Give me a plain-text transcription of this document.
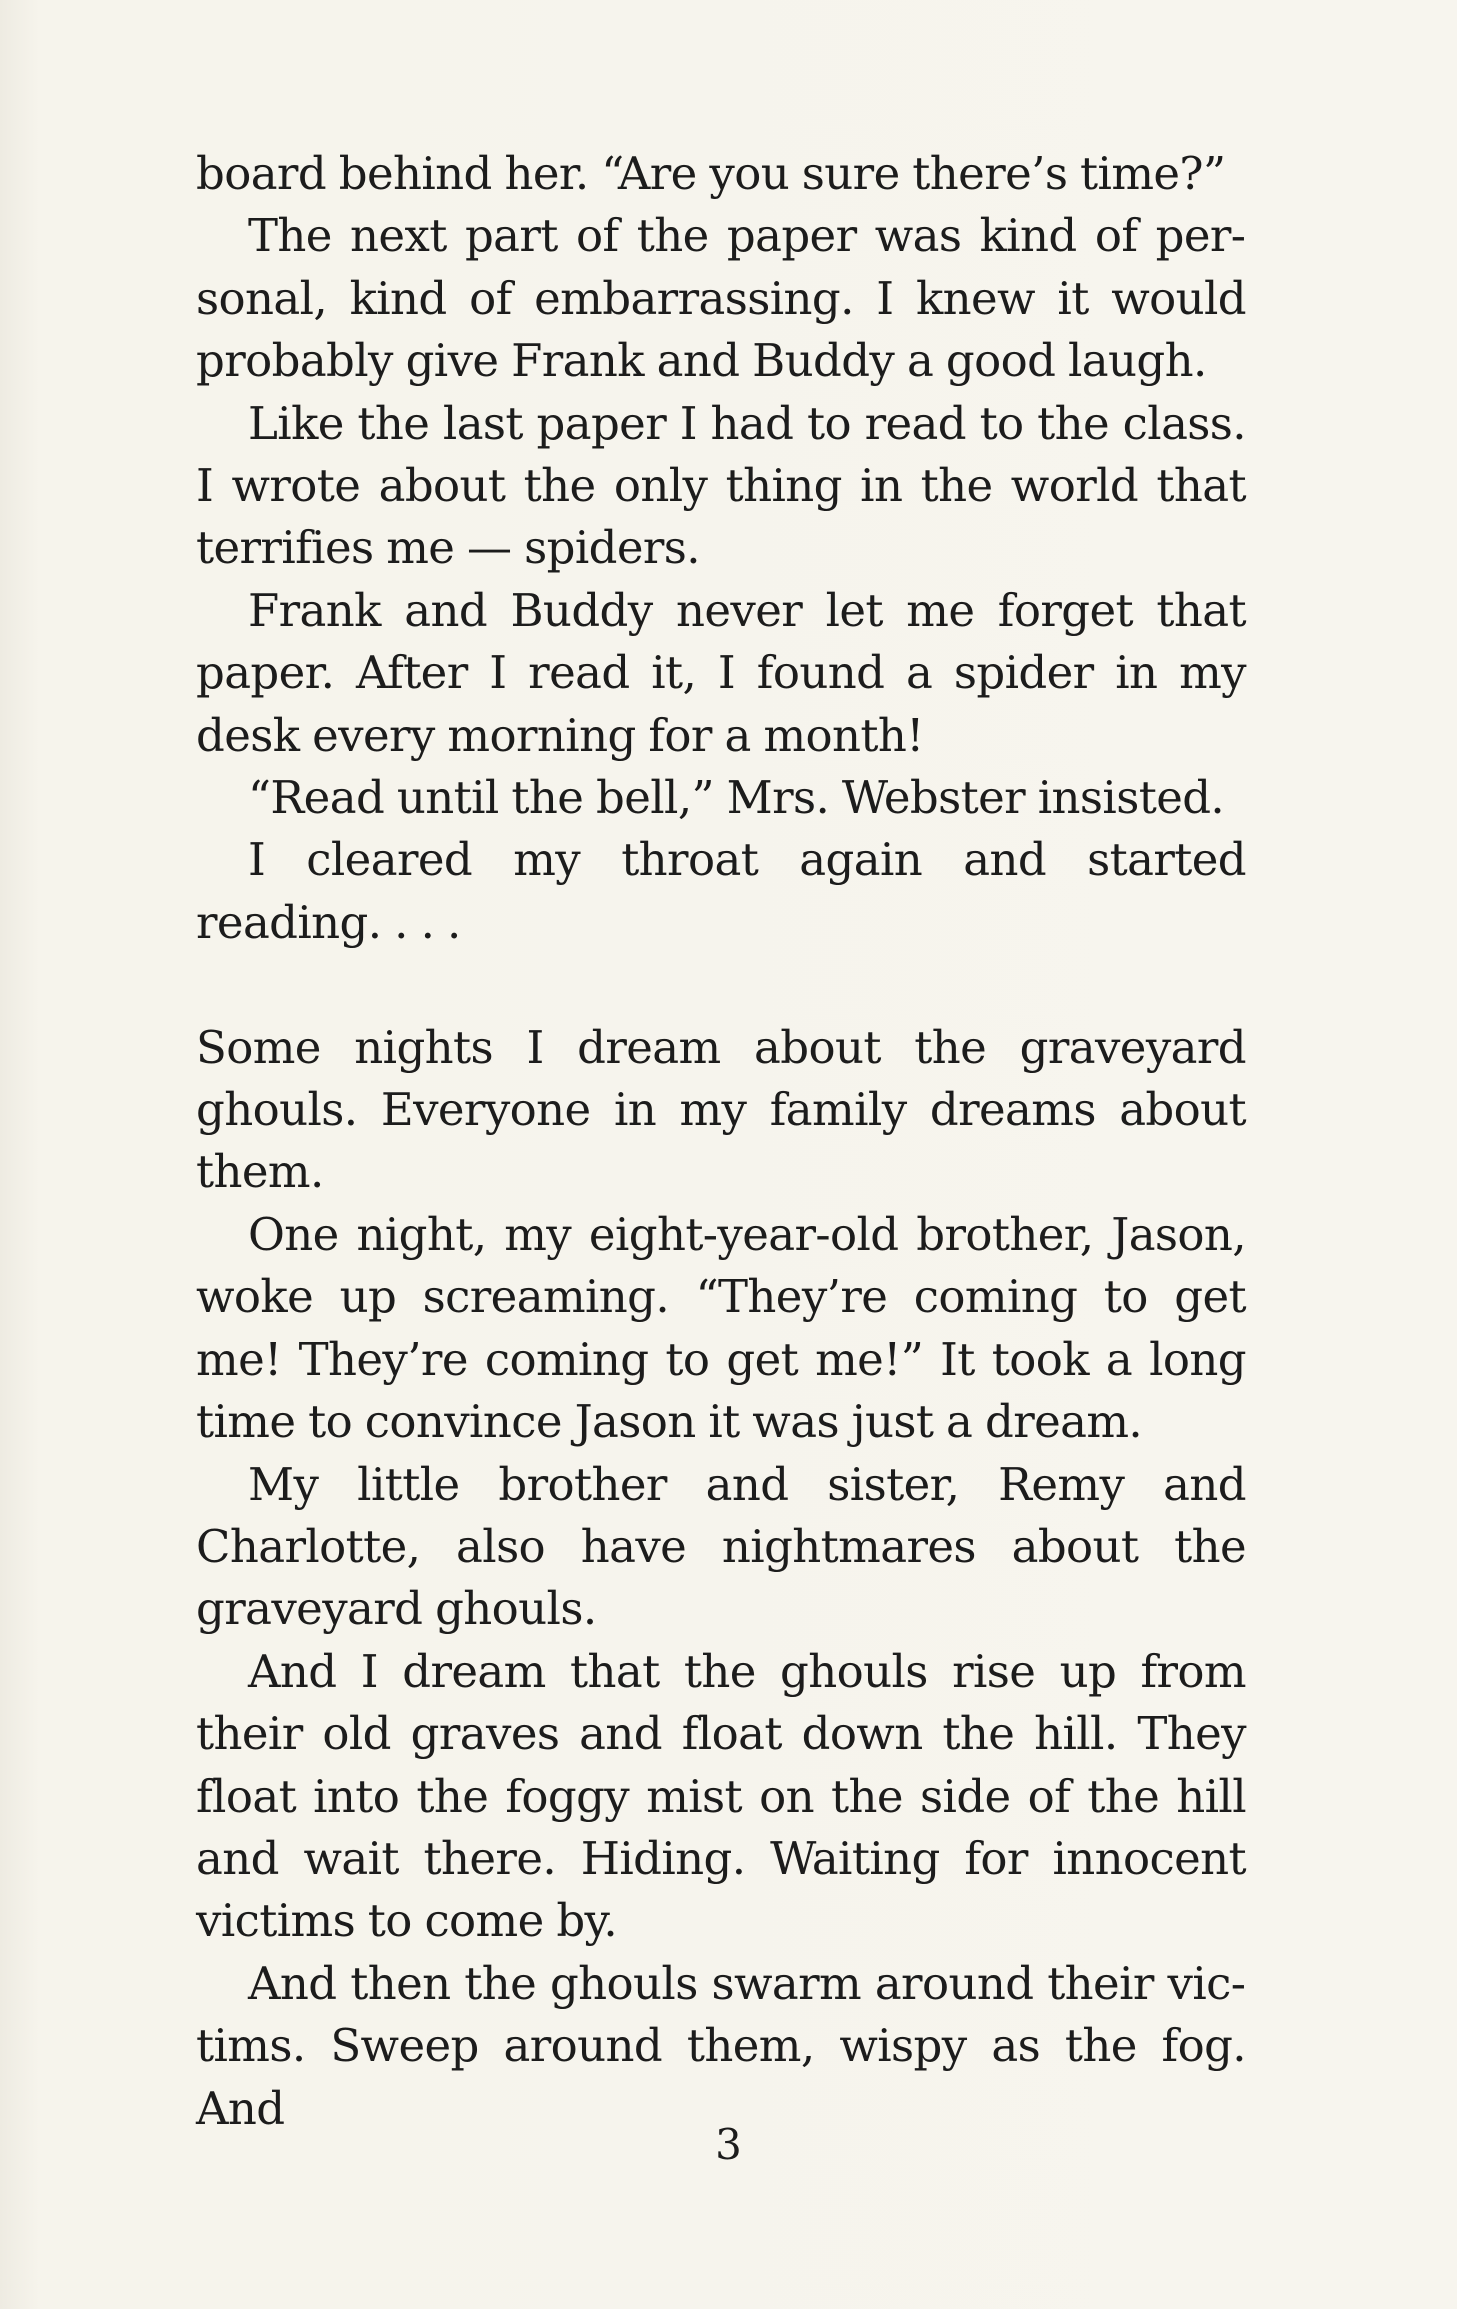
board behind her. “Are you sure there’s time?”

The next part of the paper was kind of personal, kind of embarrassing. I knew it would probably give Frank and Buddy a good laugh.

Like the last paper I had to read to the class. I wrote about the only thing in the world that terrifies me — spiders.

Frank and Buddy never let me forget that paper. After I read it, I found a spider in my desk every morning for a month!

“Read until the bell,” Mrs. Webster insisted.

I cleared my throat again and started reading. . . .

Some nights I dream about the graveyard ghouls. Everyone in my family dreams about them.

One night, my eight-year-old brother, Jason, woke up screaming. “They’re coming to get me! They’re coming to get me!” It took a long time to convince Jason it was just a dream.

My little brother and sister, Remy and Charlotte, also have nightmares about the graveyard ghouls.

And I dream that the ghouls rise up from their old graves and float down the hill. They float into the foggy mist on the side of the hill and wait there. Hiding. Waiting for innocent victims to come by.

And then the ghouls swarm around their victims. Sweep around them, wispy as the fog. And

3
